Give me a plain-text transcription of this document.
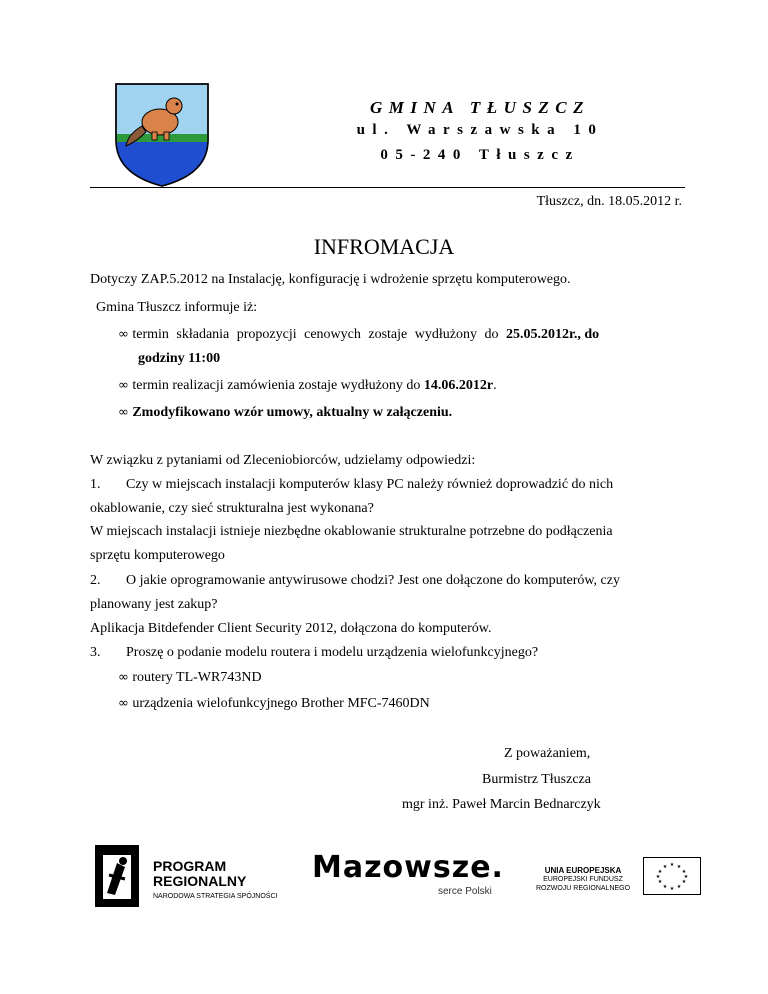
GMINA TŁUSZCZ
ul. Warszawska 10
05-240 Tłuszcz
Tłuszcz, dn. 18.05.2012 r.
INFROMACJA
Dotyczy ZAP.5.2012 na Instalację, konfigurację i wdrożenie sprzętu komputerowego.
Gmina Tłuszcz informuje iż:
∞ termin składania propozycji cenowych zostaje wydłużony do 25.05.2012r., do
godziny 11:00
∞ termin realizacji zamówienia zostaje wydłużony do 14.06.2012r.
∞ Zmodyfikowano wzór umowy, aktualny w załączeniu.
W związku z pytaniami od Zleceniobiorców, udzielamy odpowiedzi:
1. Czy w miejscach instalacji komputerów klasy PC należy również doprowadzić do nich
okablowanie, czy sieć strukturalna jest wykonana?
W miejscach instalacji istnieje niezbędne okablowanie strukturalne potrzebne do podłączenia
sprzętu komputerowego
2. O jakie oprogramowanie antywirusowe chodzi? Jest one dołączone do komputerów, czy
planowany jest zakup?
Aplikacja Bitdefender Client Security 2012, dołączona do komputerów.
3. Proszę o podanie modelu routera i modelu urządzenia wielofunkcyjnego?
∞ routery TL-WR743ND
∞ urządzenia wielofunkcyjnego Brother MFC-7460DN
Z poważaniem,
Burmistrz Tłuszcza
mgr inż. Paweł Marcin Bednarczyk
PROGRAM
REGIONALNY
NARODOWA STRATEGIA SPÓJNOŚCI
Mazowsze.
serce Polski
UNIA EUROPEJSKA
EUROPEJSKI FUNDUSZ
ROZWOJU REGIONALNEGO
★ ★
★
★
★
★
★
★
★
★
★
★
